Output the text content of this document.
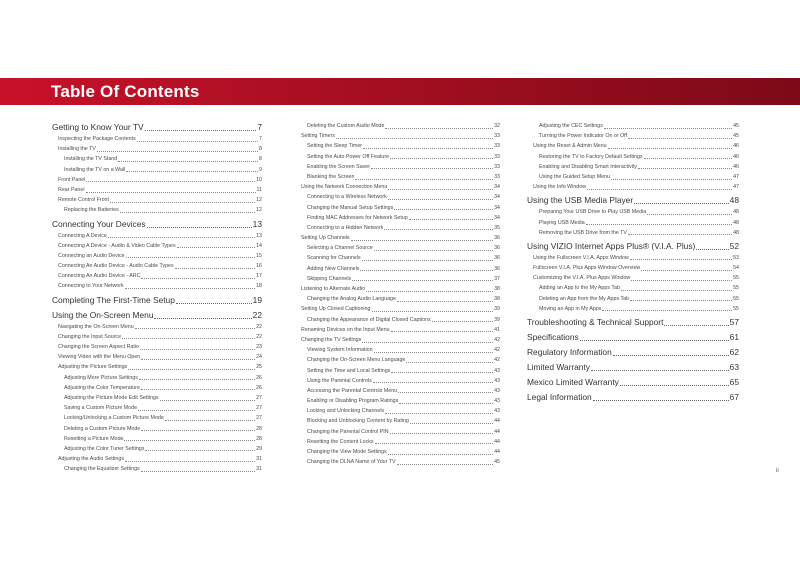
Table Of Contents
Getting to Know Your TV	7
Inspecting the Package Contents	7
Installing the TV	8
Installing the TV Stand	8
Installing the TV on a Wall	9
Front Panel	10
Rear Panel	11
Remote Control Front	12
Replacing the Batteries	12
Connecting Your Devices	13
Connecting A Device	13
Connecting A Device - Audio & Video Cable Types	14
Connecting an Audio Device	15
Connecting An Audio Device - Audio Cable Types	16
Connecting An Audio Device - ARC	17
Connecting to Your Network	18
Completing The First-Time Setup	19
Using the On-Screen Menu	22
Navigating the On-Screen Menu	22
Changing the Input Source	22
Changing the Screen Aspect Ratio	23
Viewing Video with the Menu Open	24
Adjusting the Picture Settings	25
Adjusting More Picture Settings	26
Adjusting the Color Temperature	26
Adjusting the Picture Mode Edit Settings	27
Saving a Custom Picture Mode	27
Locking/Unlocking a Custom Picture Mode	27
Deleting a Custom Picture Mode	28
Resetting a Picture Mode	28
Adjusting the Color Tuner Settings	29
Adjusting the Audio Settings	31
Changing the Equalizer Settings	31
Deleting the Custom Audio Mode	32
Setting Timers	33
Setting the Sleep Timer	33
Setting the Auto Power Off Feature	33
Enabling the Screen Saver	33
Blanking the Screen	33
Using the Network Connection Menu	34
Connecting to a Wireless Network	34
Changing the Manual Setup Settings	34
Finding MAC Addresses for Network Setup	34
Connecting to a Hidden Network	35
Setting Up Channels	36
Selecting a Channel Source	36
Scanning for Channels	36
Adding New Channels	36
Skipping Channels	37
Listening to Alternate Audio	38
Changing the Analog Audio Language	38
Setting Up Closed Captioning	39
Changing the Appearance of Digital Closed Captions	39
Renaming Devices on the Input Menu	41
Changing the TV Settings	42
Viewing System Information	42
Changing the On-Screen Menu Language	42
Setting the Time and Local Settings	43
Using the Parental Controls	43
Accessing the Parental Controls Menu	43
Enabling or Disabling Program Ratings	43
Locking and Unlocking Channels	43
Blocking and Unblocking Content by Rating	44
Changing the Parental Control PIN	44
Resetting the Content Locks	44
Changing the View Mode Settings	44
Changing the DLNA Name of Your TV	45
Adjusting the CEC Settings	45
Turning the Power Indicator On or Off	45
Using the Reset & Admin Menu	46
Restoring the TV to Factory Default Settings	46
Enabling and Disabling Smart Interactivity	46
Using the Guided Setup Menu	47
Using the Info Window	47
Using the USB Media Player	48
Preparing Your USB Drive to Play USB Media	48
Playing USB Media	48
Removing the USB Drive from the TV	48
Using VIZIO Internet Apps Plus® (V.I.A. Plus)	52
Using the Fullscreen V.I.A. Apps Window	53
Fullscreen V.I.A. Plus Apps Window Overview	54
Customizing the V.I.A. Plus Apps Window	55
Adding an App to the My Apps Tab	55
Deleting an App from the My Apps Tab	55
Moving an App in My Apps	55
Troubleshooting & Technical Support	57
Specifications	61
Regulatory Information	62
Limited Warranty	63
Mexico Limited Warranty	65
Legal Information	67
ii
